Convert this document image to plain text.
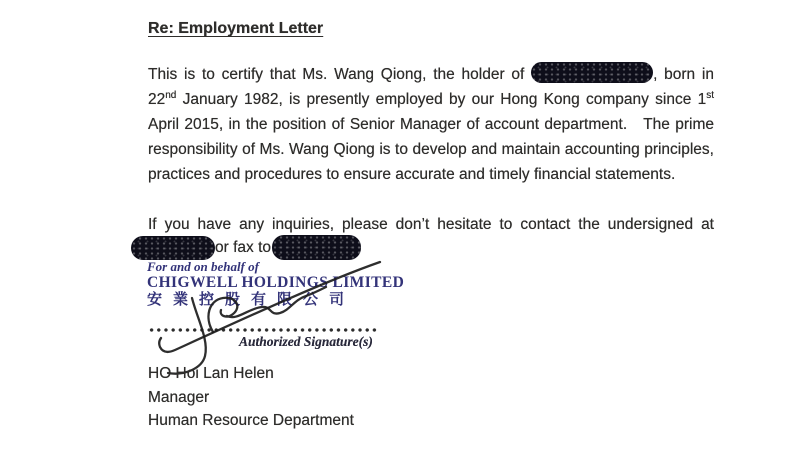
Re: Employment Letter

This is to certify that Ms. Wang Qiong, the holder of	, born in 22nd January 1982, is presently employed by our Hong Kong company since 1st April 2015, in the position of Senior Manager of account department.   The prime responsibility of Ms. Wang Qiong is to develop and maintain accounting principles, practices and procedures to ensure accurate and timely financial statements.

If you have any inquiries, please don’t hesitate to contact the undersigned at

or fax to
For and on behalf of
CHIGWELL HOLDINGS LIMITED
安業控股有限公司
Authorized Signature(s)
HO Hoi Lan Helen
Manager
Human Resource Department
